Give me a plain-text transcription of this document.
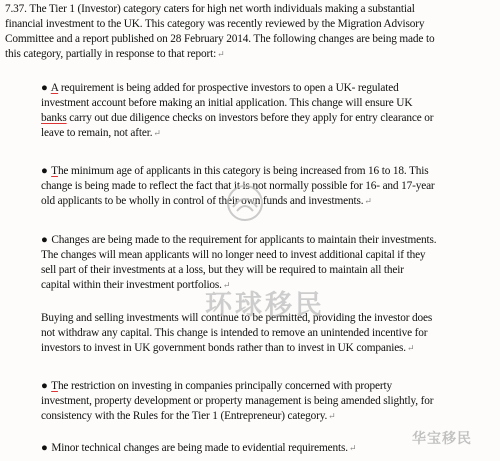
7.37. The Tier 1 (Investor) category caters for high net worth individuals making a substantial
financial investment to the UK. This category was recently reviewed by the Migration Advisory
Committee and a report published on 28 February 2014. The following changes are being made to
this category, partially in response to that report:↵
● A requirement is being added for prospective investors to open a UK- regulated
investment account before making an initial application. This change will ensure UK
banks carry out due diligence checks on investors before they apply for entry clearance or
leave to remain, not after.↵
● The minimum age of applicants in this category is being increased from 16 to 18. This
change is being made to reflect the fact that it is not normally possible for 16- and 17-year
old applicants to be wholly in control of their own funds and investments.↵
● Changes are being made to the requirement for applicants to maintain their investments.
The changes will mean applicants will no longer need to invest additional capital if they
sell part of their investments at a loss, but they will be required to maintain all their
capital within their investment portfolios.↵
Buying and selling investments will continue to be permitted, providing the investor does
not withdraw any capital. This change is intended to remove an unintended incentive for
investors to invest in UK government bonds rather than to invest in UK companies.↵
● The restriction on investing in companies principally concerned with property
investment, property development or property management is being amended slightly, for
consistency with the Rules for the Tier 1 (Entrepreneur) category.↵
● Minor technical changes are being made to evidential requirements.↵
环球移民
华宝移民
